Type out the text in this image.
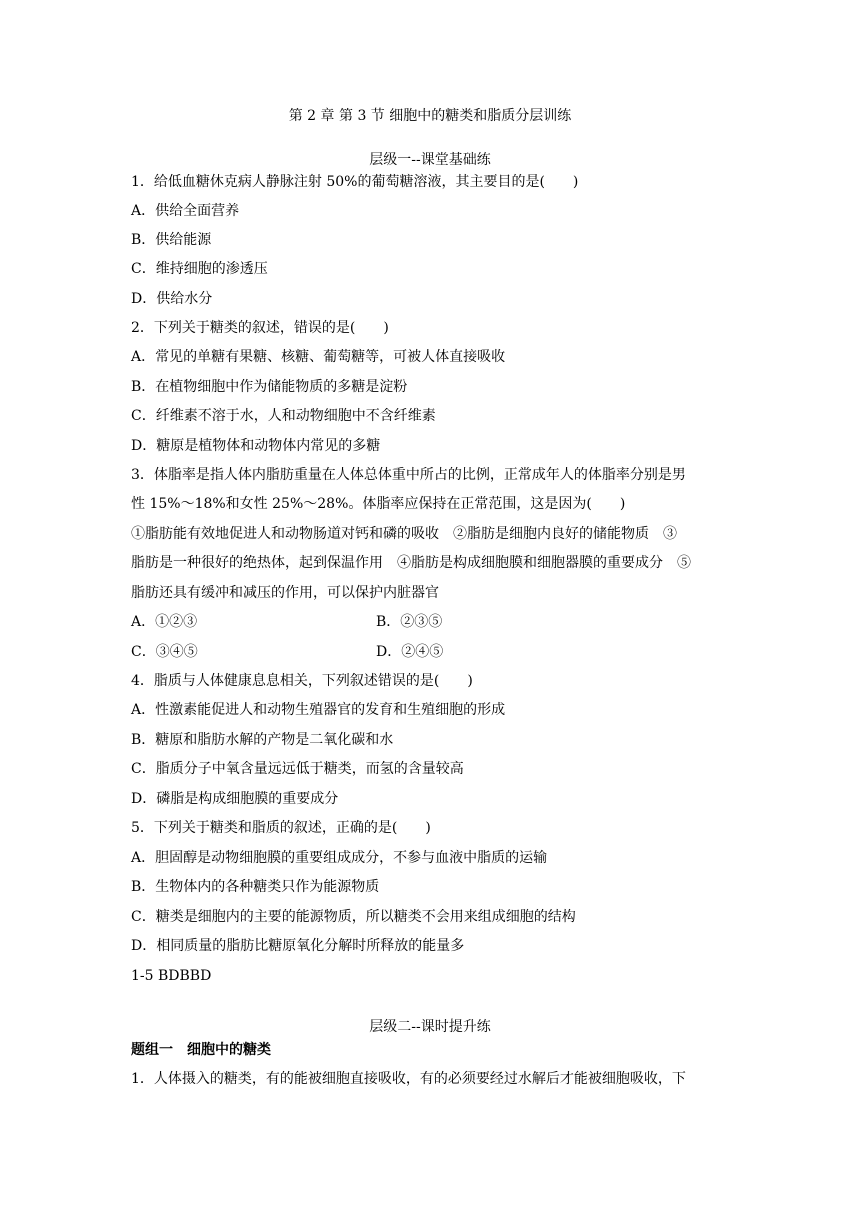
第 2 章 第 3 节 细胞中的糖类和脂质分层训练
层级一--课堂基础练
1．给低血糖休克病人静脉注射 50%的葡萄糖溶液，其主要目的是(　　)
A．供给全面营养
B．供给能源
C．维持细胞的渗透压
D．供给水分
2．下列关于糖类的叙述，错误的是(　　)
A．常见的单糖有果糖、核糖、葡萄糖等，可被人体直接吸收
B．在植物细胞中作为储能物质的多糖是淀粉
C．纤维素不溶于水，人和动物细胞中不含纤维素
D．糖原是植物体和动物体内常见的多糖
3．体脂率是指人体内脂肪重量在人体总体重中所占的比例，正常成年人的体脂率分别是男
性 15%～18%和女性 25%～28%。体脂率应保持在正常范围，这是因为(　　)
①脂肪能有效地促进人和动物肠道对钙和磷的吸收　②脂肪是细胞内良好的储能物质　③
脂肪是一种很好的绝热体，起到保温作用　④脂肪是构成细胞膜和细胞器膜的重要成分　⑤
脂肪还具有缓冲和减压的作用，可以保护内脏器官
A．①②③	B．②③⑤
C．③④⑤	D．②④⑤
4．脂质与人体健康息息相关，下列叙述错误的是(　　)
A．性激素能促进人和动物生殖器官的发育和生殖细胞的形成
B．糖原和脂肪水解的产物是二氧化碳和水
C．脂质分子中氧含量远远低于糖类，而氢的含量较高
D．磷脂是构成细胞膜的重要成分
5．下列关于糖类和脂质的叙述，正确的是(　　)
A．胆固醇是动物细胞膜的重要组成成分，不参与血液中脂质的运输
B．生物体内的各种糖类只作为能源物质
C．糖类是细胞内的主要的能源物质，所以糖类不会用来组成细胞的结构
D．相同质量的脂肪比糖原氧化分解时所释放的能量多
1-5 BDBBD
层级二--课时提升练
题组一　细胞中的糖类
1．人体摄入的糖类，有的能被细胞直接吸收，有的必须要经过水解后才能被细胞吸收，下
